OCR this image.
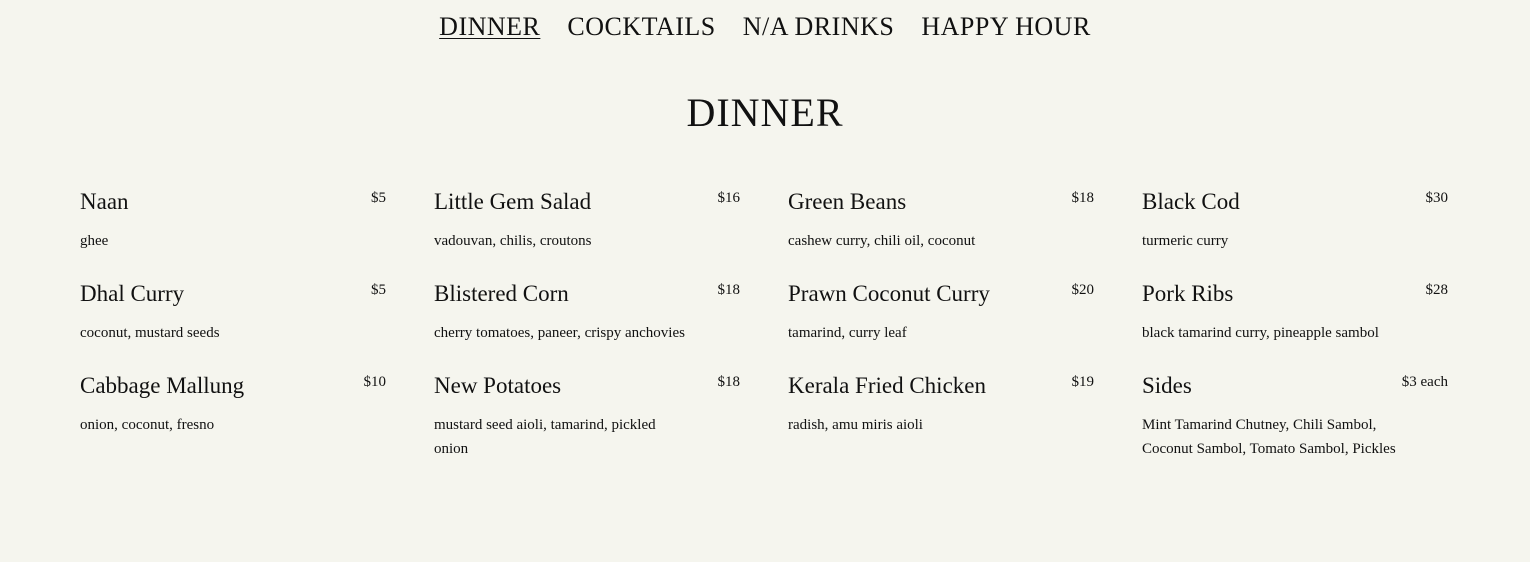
DINNER COCKTAILS N/A DRINKS HAPPY HOUR
DINNER
Naan	$5
ghee
Dhal Curry	$5
coconut, mustard seeds
Cabbage Mallung	$10
onion, coconut, fresno
Little Gem Salad	$16
vadouvan, chilis, croutons
Blistered Corn	$18
cherry tomatoes, paneer, crispy anchovies
New Potatoes	$18
mustard seed aioli, tamarind, pickled onion
Green Beans	$18
cashew curry, chili oil, coconut
Prawn Coconut Curry	$20
tamarind, curry leaf
Kerala Fried Chicken	$19
radish, amu miris aioli
Black Cod	$30
turmeric curry
Pork Ribs	$28
black tamarind curry, pineapple sambol
Sides	$3 each
Mint Tamarind Chutney, Chili Sambol, Coconut Sambol, Tomato Sambol, Pickles
